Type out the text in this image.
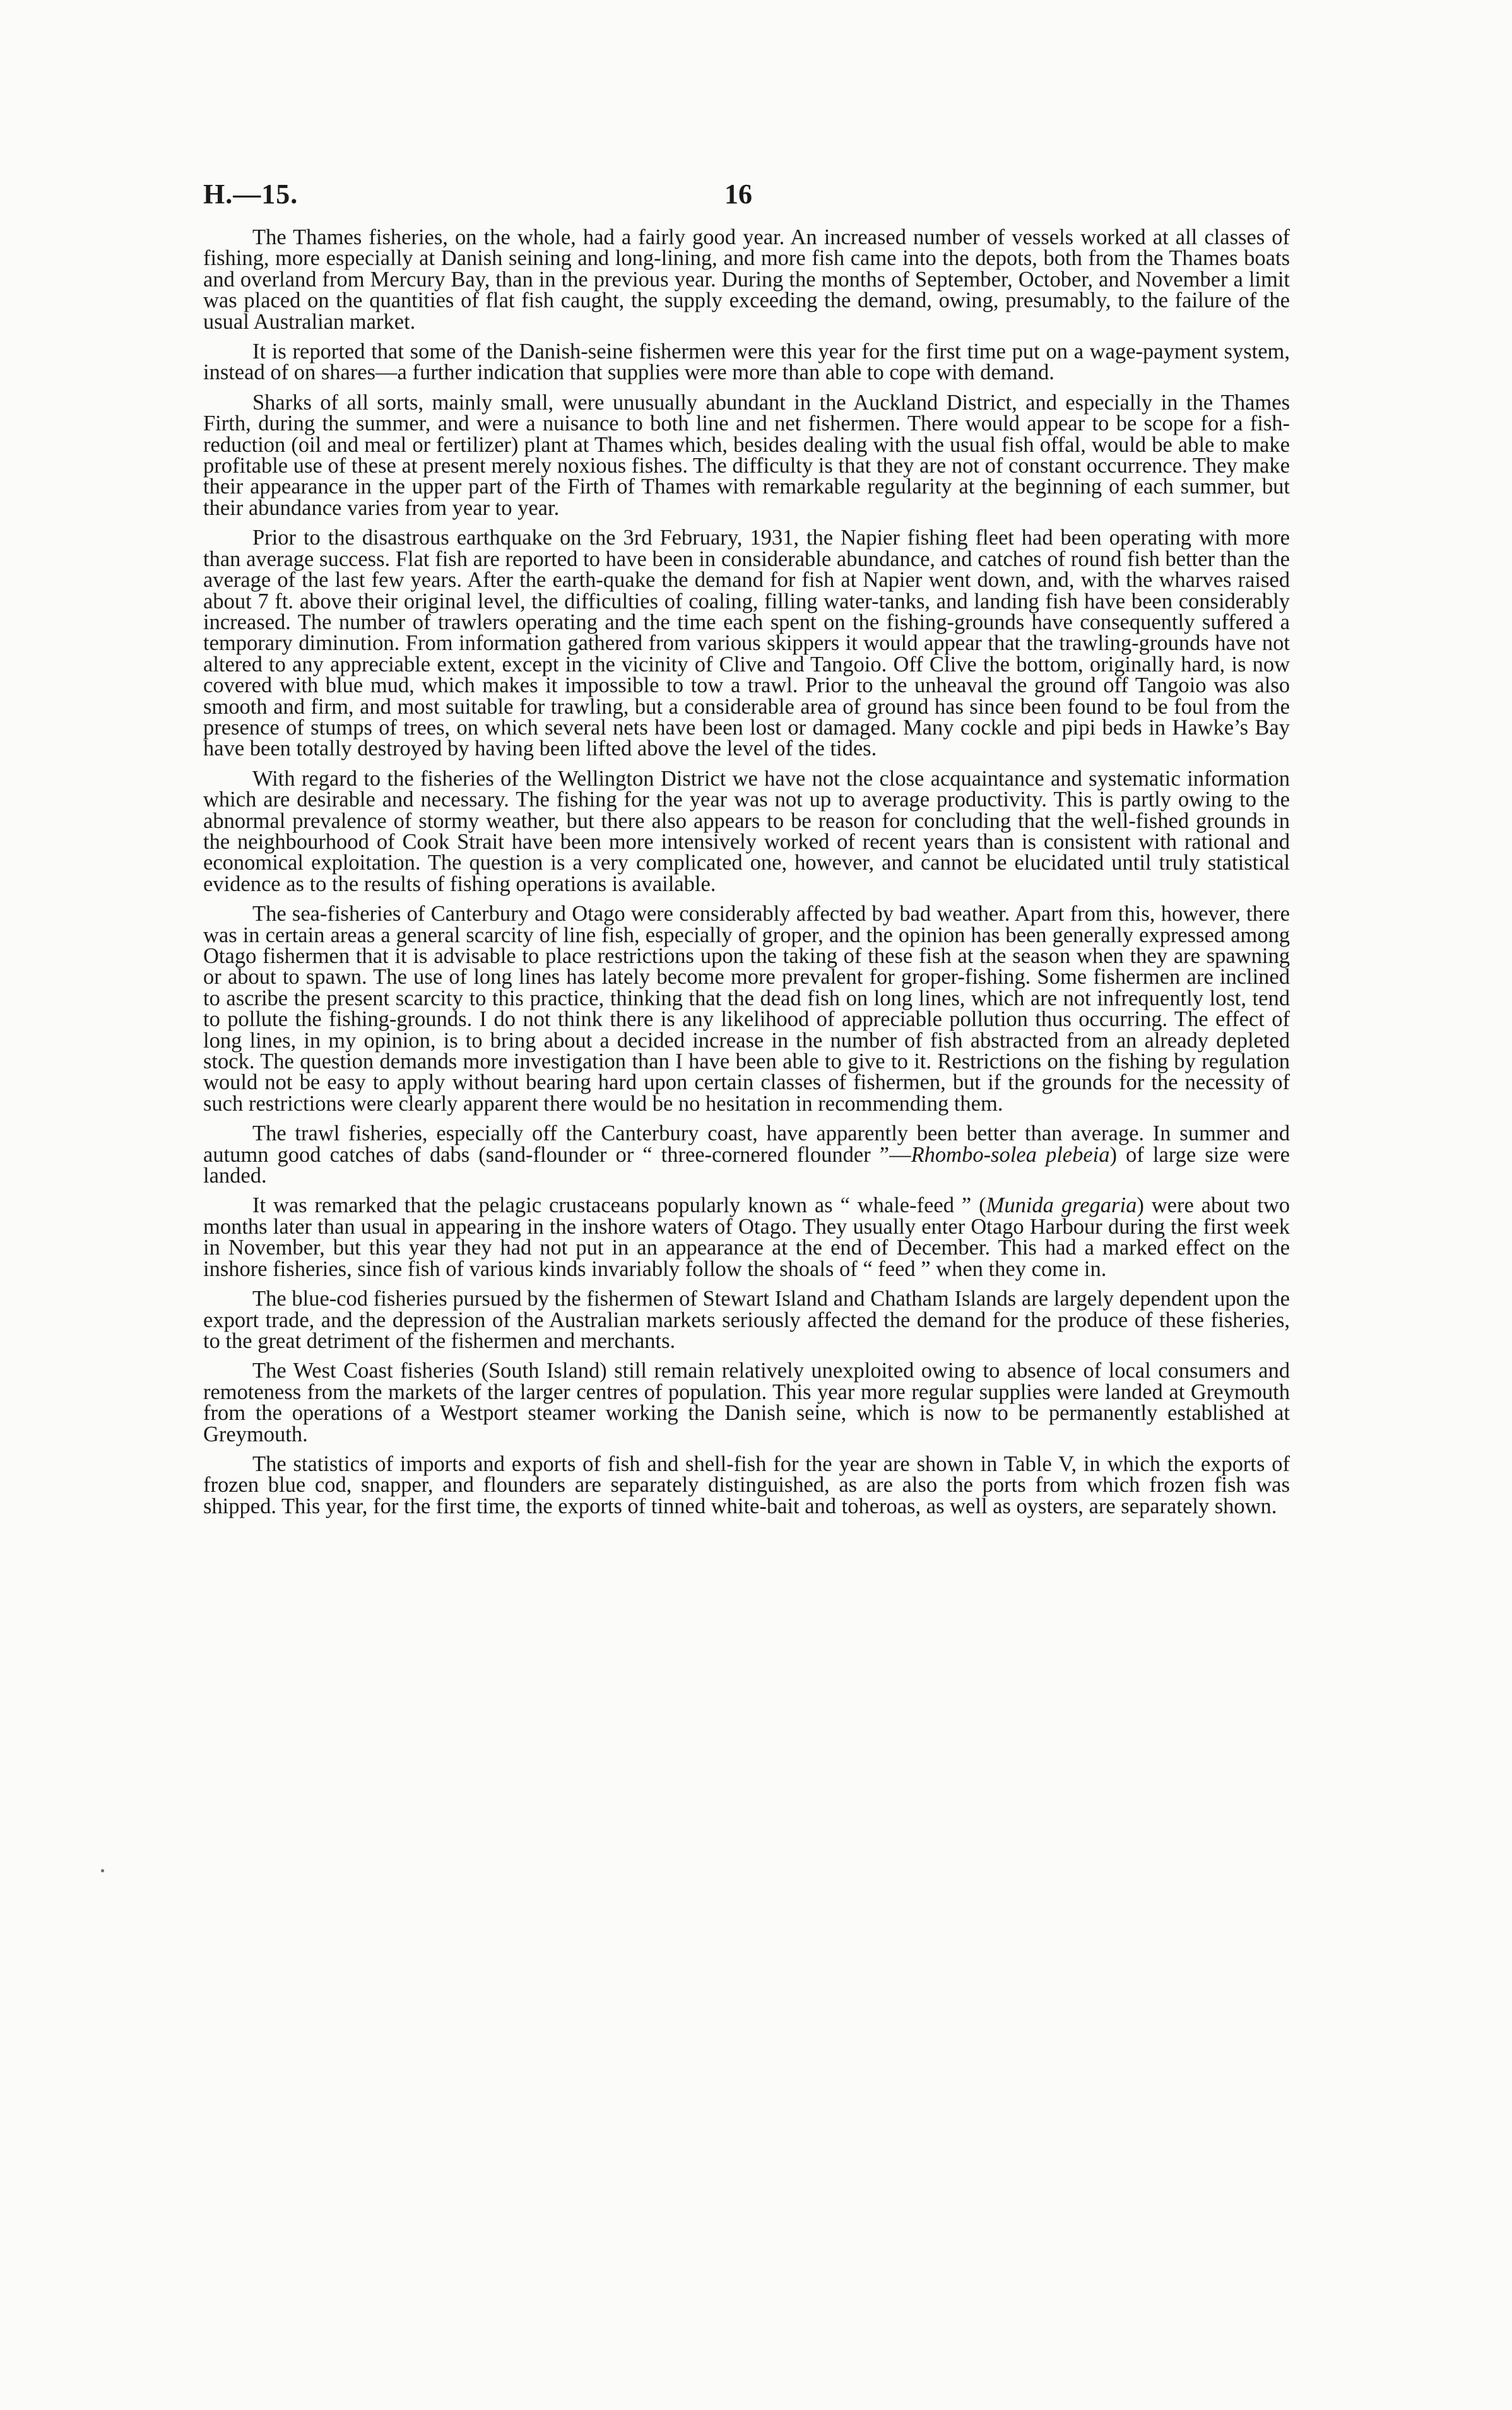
H.—15.	16

The Thames fisheries, on the whole, had a fairly good year. An increased number of vessels worked at all classes of fishing, more especially at Danish seining and long-lining, and more fish came into the depots, both from the Thames boats and overland from Mercury Bay, than in the previous year. During the months of September, October, and November a limit was placed on the quantities of flat fish caught, the supply exceeding the demand, owing, presumably, to the failure of the usual Australian market.

It is reported that some of the Danish-seine fishermen were this year for the first time put on a wage-payment system, instead of on shares—a further indication that supplies were more than able to cope with demand.

Sharks of all sorts, mainly small, were unusually abundant in the Auckland District, and especially in the Thames Firth, during the summer, and were a nuisance to both line and net fishermen. There would appear to be scope for a fish-reduction (oil and meal or fertilizer) plant at Thames which, besides dealing with the usual fish offal, would be able to make profitable use of these at present merely noxious fishes. The difficulty is that they are not of constant occurrence. They make their appearance in the upper part of the Firth of Thames with remarkable regularity at the beginning of each summer, but their abundance varies from year to year.

Prior to the disastrous earthquake on the 3rd February, 1931, the Napier fishing fleet had been operating with more than average success. Flat fish are reported to have been in considerable abundance, and catches of round fish better than the average of the last few years. After the earth-quake the demand for fish at Napier went down, and, with the wharves raised about 7 ft. above their original level, the difficulties of coaling, filling water-tanks, and landing fish have been considerably increased. The number of trawlers operating and the time each spent on the fishing-grounds have consequently suffered a temporary diminution. From information gathered from various skippers it would appear that the trawling-grounds have not altered to any appreciable extent, except in the vicinity of Clive and Tangoio. Off Clive the bottom, originally hard, is now covered with blue mud, which makes it impossible to tow a trawl. Prior to the unheaval the ground off Tangoio was also smooth and firm, and most suitable for trawling, but a considerable area of ground has since been found to be foul from the presence of stumps of trees, on which several nets have been lost or damaged. Many cockle and pipi beds in Hawke’s Bay have been totally destroyed by having been lifted above the level of the tides.

With regard to the fisheries of the Wellington District we have not the close acquaintance and systematic information which are desirable and necessary. The fishing for the year was not up to average productivity. This is partly owing to the abnormal prevalence of stormy weather, but there also appears to be reason for concluding that the well-fished grounds in the neighbourhood of Cook Strait have been more intensively worked of recent years than is consistent with rational and economical exploitation. The question is a very complicated one, however, and cannot be elucidated until truly statistical evidence as to the results of fishing operations is available.

The sea-fisheries of Canterbury and Otago were considerably affected by bad weather. Apart from this, however, there was in certain areas a general scarcity of line fish, especially of groper, and the opinion has been generally expressed among Otago fishermen that it is advisable to place restrictions upon the taking of these fish at the season when they are spawning or about to spawn. The use of long lines has lately become more prevalent for groper-fishing. Some fishermen are inclined to ascribe the present scarcity to this practice, thinking that the dead fish on long lines, which are not infrequently lost, tend to pollute the fishing-grounds. I do not think there is any likelihood of appreciable pollution thus occurring. The effect of long lines, in my opinion, is to bring about a decided increase in the number of fish abstracted from an already depleted stock. The question demands more investigation than I have been able to give to it. Restrictions on the fishing by regulation would not be easy to apply without bearing hard upon certain classes of fishermen, but if the grounds for the necessity of such restrictions were clearly apparent there would be no hesitation in recommending them.

The trawl fisheries, especially off the Canterbury coast, have apparently been better than average. In summer and autumn good catches of dabs (sand-flounder or “ three-cornered flounder ”—Rhombo-solea plebeia) of large size were landed.

It was remarked that the pelagic crustaceans popularly known as “ whale-feed ” (Munida gregaria) were about two months later than usual in appearing in the inshore waters of Otago. They usually enter Otago Harbour during the first week in November, but this year they had not put in an appearance at the end of December. This had a marked effect on the inshore fisheries, since fish of various kinds invariably follow the shoals of “ feed ” when they come in.

The blue-cod fisheries pursued by the fishermen of Stewart Island and Chatham Islands are largely dependent upon the export trade, and the depression of the Australian markets seriously affected the demand for the produce of these fisheries, to the great detriment of the fishermen and merchants.

The West Coast fisheries (South Island) still remain relatively unexploited owing to absence of local consumers and remoteness from the markets of the larger centres of population. This year more regular supplies were landed at Greymouth from the operations of a Westport steamer working the Danish seine, which is now to be permanently established at Greymouth.

The statistics of imports and exports of fish and shell-fish for the year are shown in Table V, in which the exports of frozen blue cod, snapper, and flounders are separately distinguished, as are also the ports from which frozen fish was shipped. This year, for the first time, the exports of tinned white-bait and toheroas, as well as oysters, are separately shown.
